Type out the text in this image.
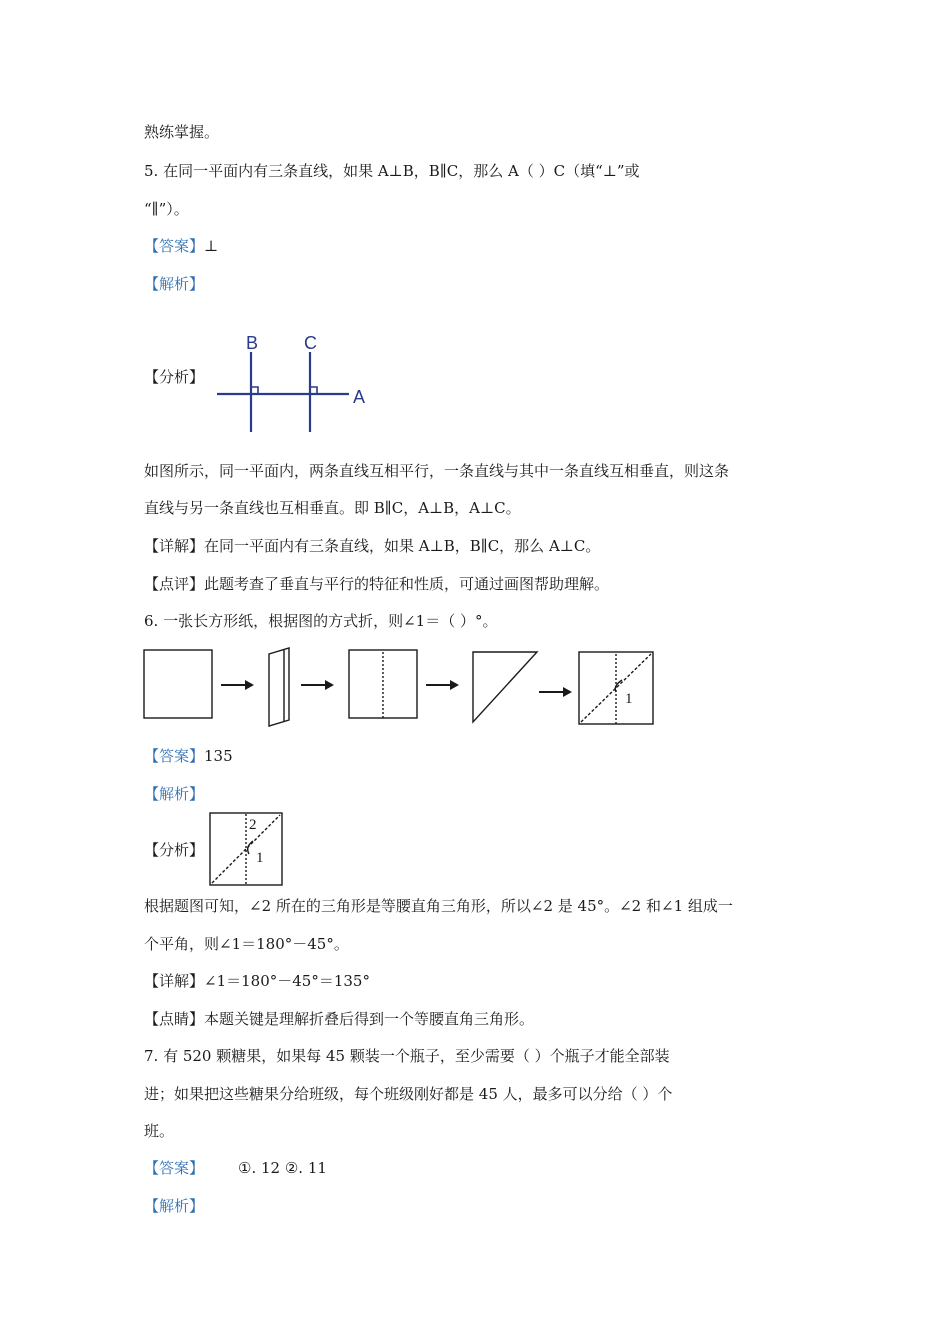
熟练掌握。
5. 在同一平面内有三条直线，如果 A⊥B，B∥C，那么 A（ ）C（填“⊥”或
“∥”）。
【答案】⊥
【解析】
【分析】
B	C
A
如图所示，同一平面内，两条直线互相平行，一条直线与其中一条直线互相垂直，则这条
直线与另一条直线也互相垂直。即 B∥C，A⊥B，A⊥C。
【详解】在同一平面内有三条直线，如果 A⊥B，B∥C，那么 A⊥C。
【点评】此题考查了垂直与平行的特征和性质，可通过画图帮助理解。
6. 一张长方形纸，根据图的方式折，则∠1＝（ ）°。
1
【答案】135
【解析】
【分析】
2
1
根据题图可知，∠2 所在的三角形是等腰直角三角形，所以∠2 是 45°。∠2 和∠1 组成一
个平角，则∠1＝180°－45°。
【详解】∠1＝180°－45°＝135°
【点睛】本题关键是理解折叠后得到一个等腰直角三角形。
7. 有 520 颗糖果，如果每 45 颗装一个瓶子，至少需要（ ）个瓶子才能全部装
进；如果把这些糖果分给班级，每个班级刚好都是 45 人，最多可以分给（ ）个
班。
【答案】 ①. 12 ②. 11
【解析】
